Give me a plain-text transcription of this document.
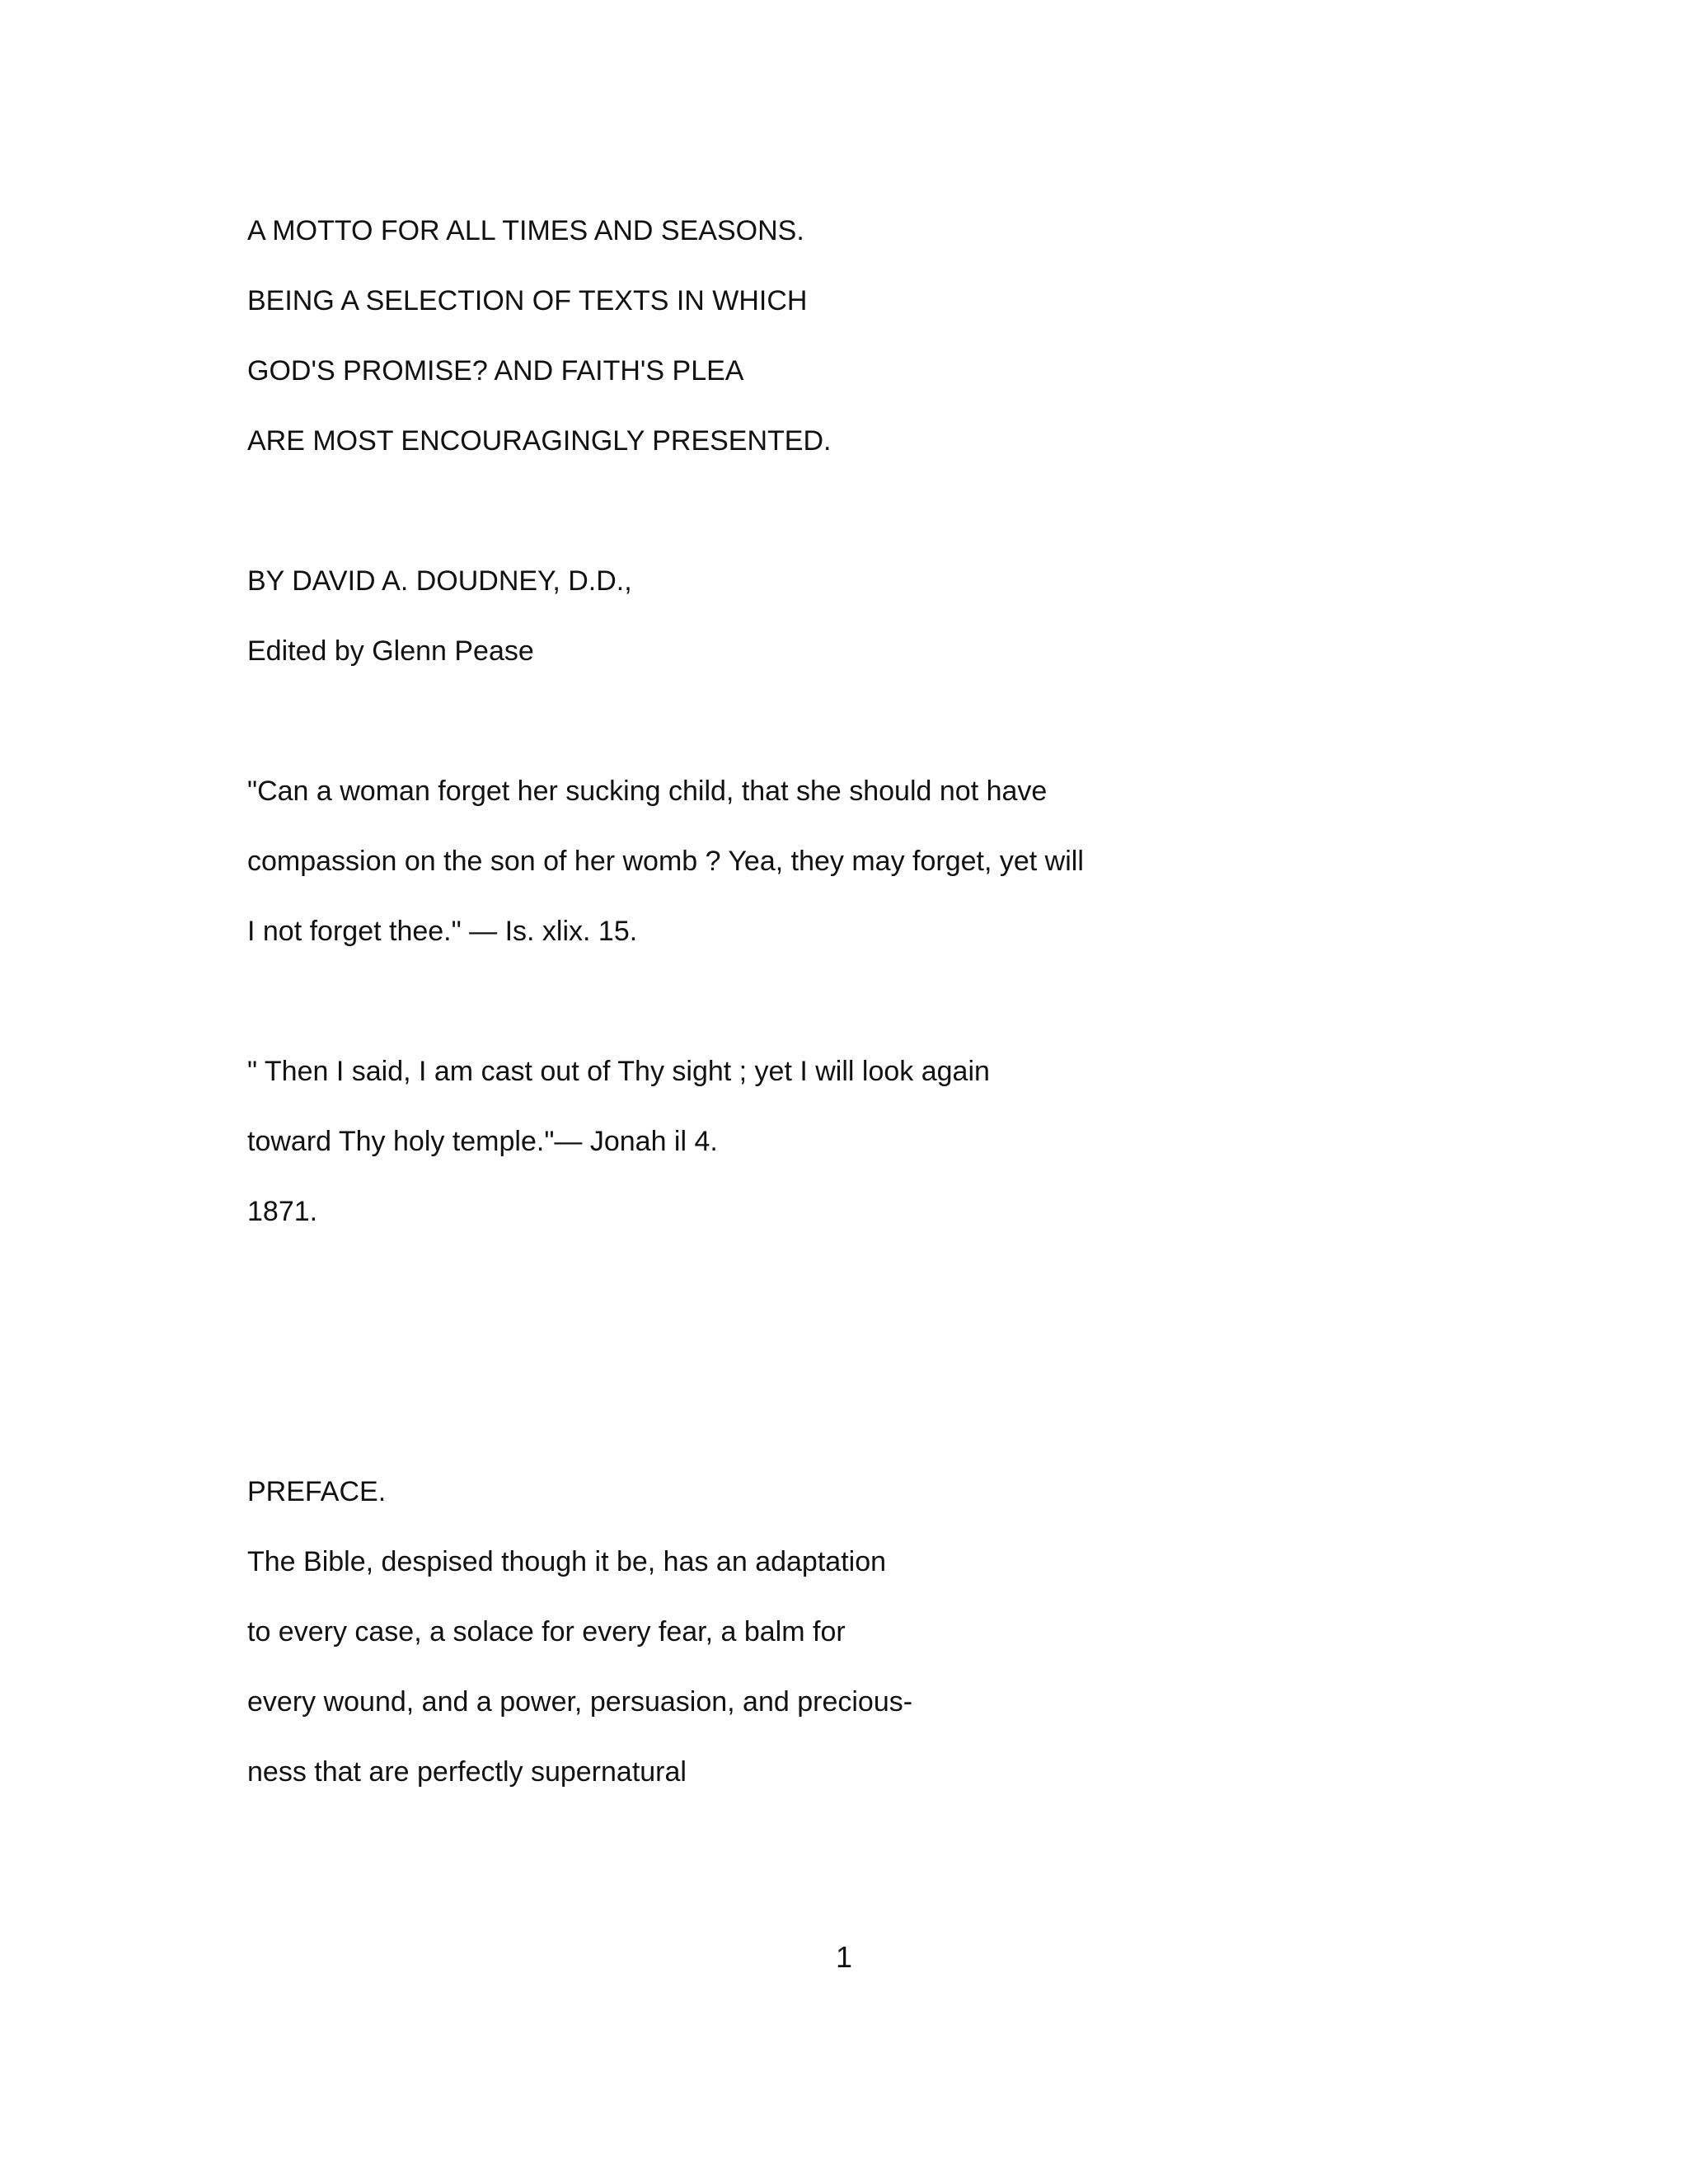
A MOTTO FOR ALL TIMES AND SEASONS.
BEING A SELECTION OF TEXTS IN WHICH
GOD'S PROMISE? AND FAITH'S PLEA
ARE MOST ENCOURAGINGLY PRESENTED.
BY DAVID A. DOUDNEY, D.D.,
Edited by Glenn Pease
"Can a woman forget her sucking child, that she should not have
compassion on the son of her womb ? Yea, they may forget, yet will
I not forget thee." — Is. xlix. 15.
" Then I said, I am cast out of Thy sight ; yet I will look again
toward Thy holy temple."— Jonah il 4.
1871.
PREFACE.
The Bible, despised though it be, has an adaptation
to every case, a solace for every fear, a balm for
every wound, and a power, persuasion, and precious-
ness that are perfectly supernatural
1
